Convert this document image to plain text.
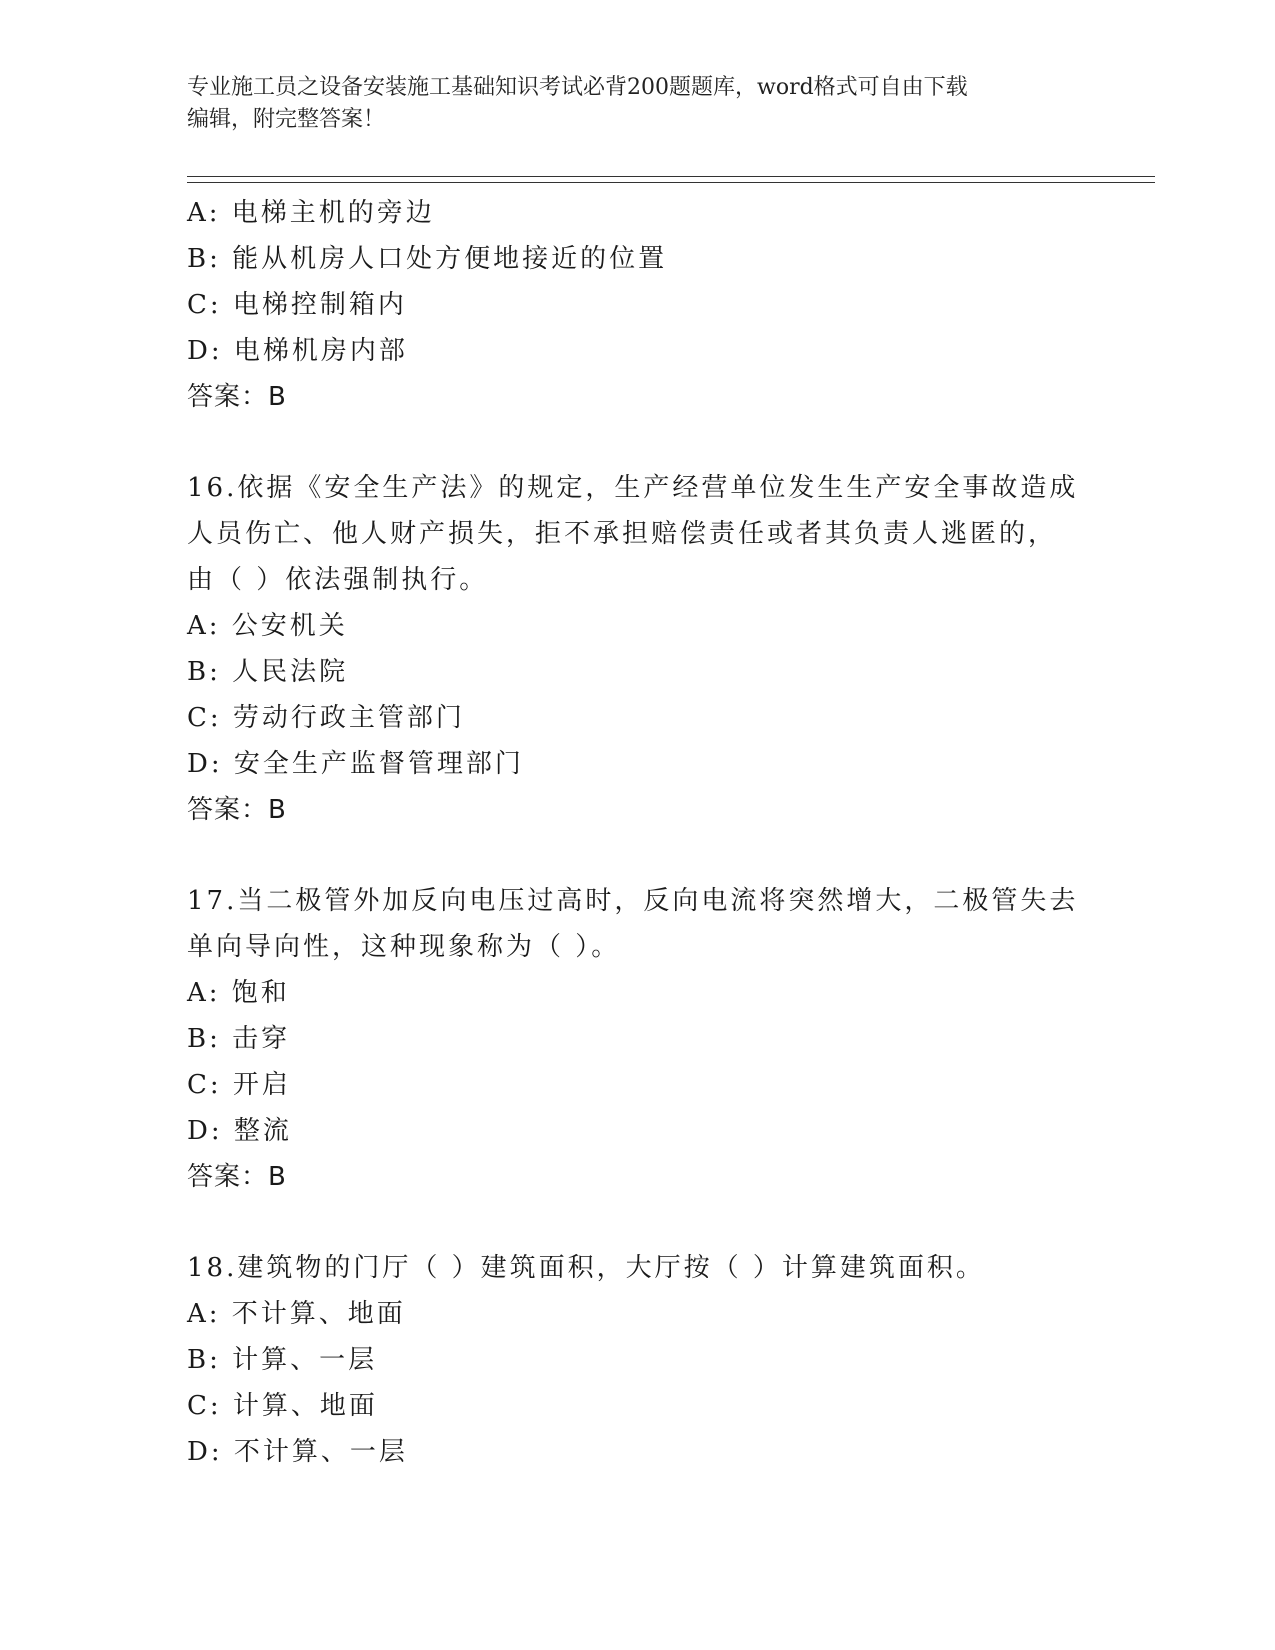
专业施工员之设备安装施工基础知识考试必背200题题库，word格式可自由下载
编辑，附完整答案！
A: 电梯主机的旁边
B: 能从机房人口处方便地接近的位置
C: 电梯控制箱内
D: 电梯机房内部
答案：B
16.依据《安全生产法》的规定，生产经营单位发生生产安全事故造成
人员伤亡、他人财产损失，拒不承担赔偿责任或者其负责人逃匿的，
由（ ）依法强制执行。
A: 公安机关
B: 人民法院
C: 劳动行政主管部门
D: 安全生产监督管理部门
答案：B
17.当二极管外加反向电压过高时，反向电流将突然增大，二极管失去
单向导向性，这种现象称为（ ）。
A: 饱和
B: 击穿
C: 开启
D: 整流
答案：B
18.建筑物的门厅（ ）建筑面积，大厅按（ ）计算建筑面积。
A: 不计算、地面
B: 计算、一层
C: 计算、地面
D: 不计算、一层
